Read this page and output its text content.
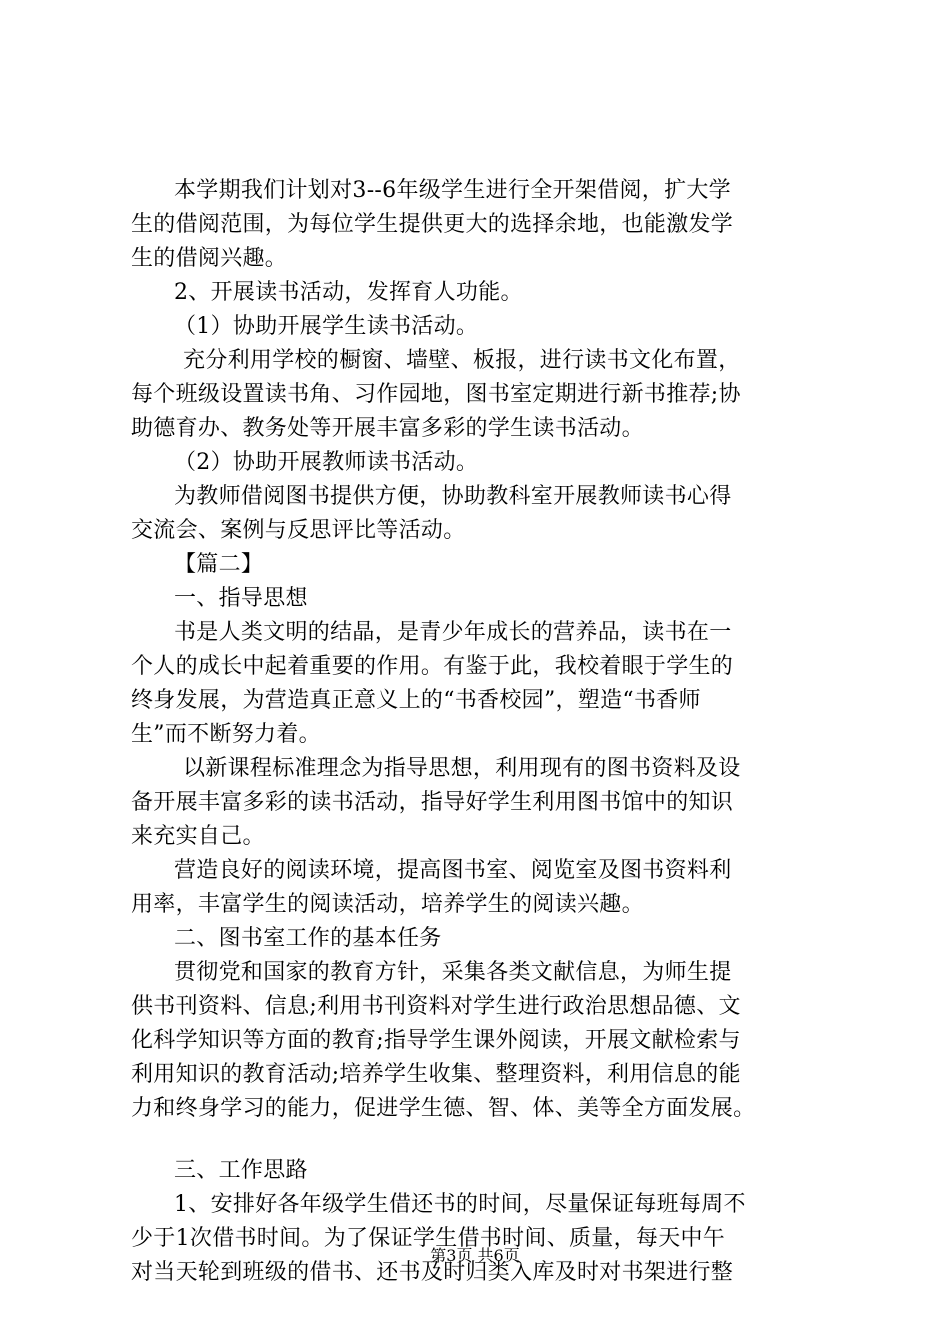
本学期我们计划对3--6年级学生进行全开架借阅，扩大学
生的借阅范围，为每位学生提供更大的选择余地，也能激发学
生的借阅兴趣。
2、开展读书活动，发挥育人功能。
（1）协助开展学生读书活动。
充分利用学校的橱窗、墙壁、板报，进行读书文化布置，
每个班级设置读书角、习作园地，图书室定期进行新书推荐;协
助德育办、教务处等开展丰富多彩的学生读书活动。
（2）协助开展教师读书活动。
为教师借阅图书提供方便，协助教科室开展教师读书心得
交流会、案例与反思评比等活动。
【篇二】
一、指导思想
书是人类文明的结晶，是青少年成长的营养品，读书在一
个人的成长中起着重要的作用。有鉴于此，我校着眼于学生的
终身发展，为营造真正意义上的“书香校园”，塑造“书香师
生”而不断努力着。
以新课程标准理念为指导思想，利用现有的图书资料及设
备开展丰富多彩的读书活动，指导好学生利用图书馆中的知识
来充实自己。
营造良好的阅读环境，提高图书室、阅览室及图书资料利
用率，丰富学生的阅读活动，培养学生的阅读兴趣。
二、图书室工作的基本任务
贯彻党和国家的教育方针，采集各类文献信息，为师生提
供书刊资料、信息;利用书刊资料对学生进行政治思想品德、文
化科学知识等方面的教育;指导学生课外阅读，开展文献检索与
利用知识的教育活动;培养学生收集、整理资料，利用信息的能
力和终身学习的能力，促进学生德、智、体、美等全方面发展。
三、工作思路
1、安排好各年级学生借还书的时间，尽量保证每班每周不
少于1次借书时间。为了保证学生借书时间、质量，每天中午
对当天轮到班级的借书、还书及时归类入库及时对书架进行整
第3页 共6页
